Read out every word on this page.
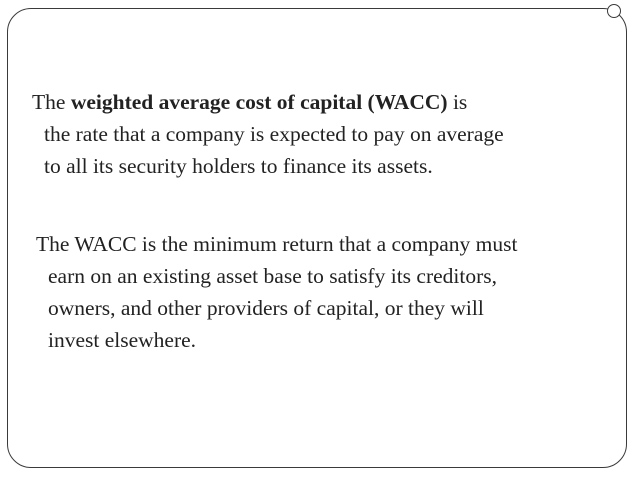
The weighted average cost of capital (WACC) is
the rate that a company is expected to pay on average
to all its security holders to finance its assets.

The WACC is the minimum return that a company must
earn on an existing asset base to satisfy its creditors,
owners, and other providers of capital, or they will
invest elsewhere.
